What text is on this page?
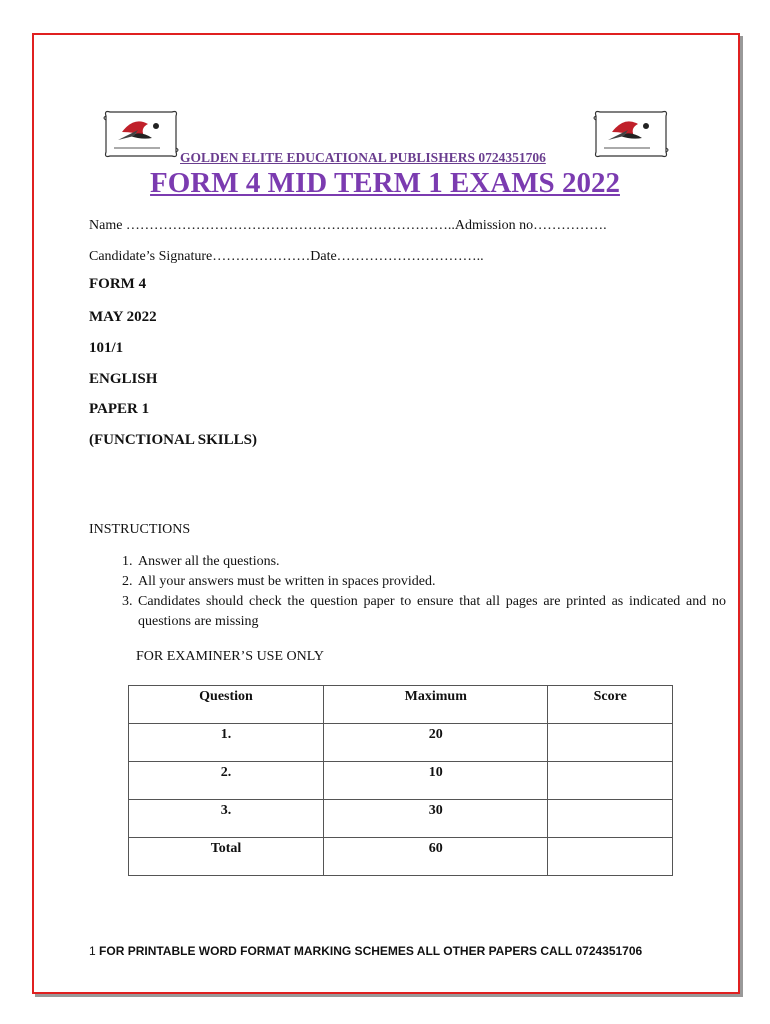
GOLDEN ELITE EDUCATIONAL PUBLISHERS 0724351706
FORM 4 MID TERM 1 EXAMS 2022
Name ……………………………………………………………..Admission no…………….
Candidate’s Signature…………………Date…………………………..
FORM 4
MAY 2022
101/1
ENGLISH
PAPER 1
(FUNCTIONAL SKILLS)
INSTRUCTIONS
1. Answer all the questions.
2. All your answers must be written in spaces provided.
3. Candidates should check the question paper to ensure that all pages are printed as indicated and no questions are missing
FOR EXAMINER’S USE ONLY
Question	Maximum	Score
1.	20	
2.	10	
3.	30	
Total	60	
1 FOR PRINTABLE WORD FORMAT MARKING SCHEMES ALL OTHER PAPERS CALL 0724351706
